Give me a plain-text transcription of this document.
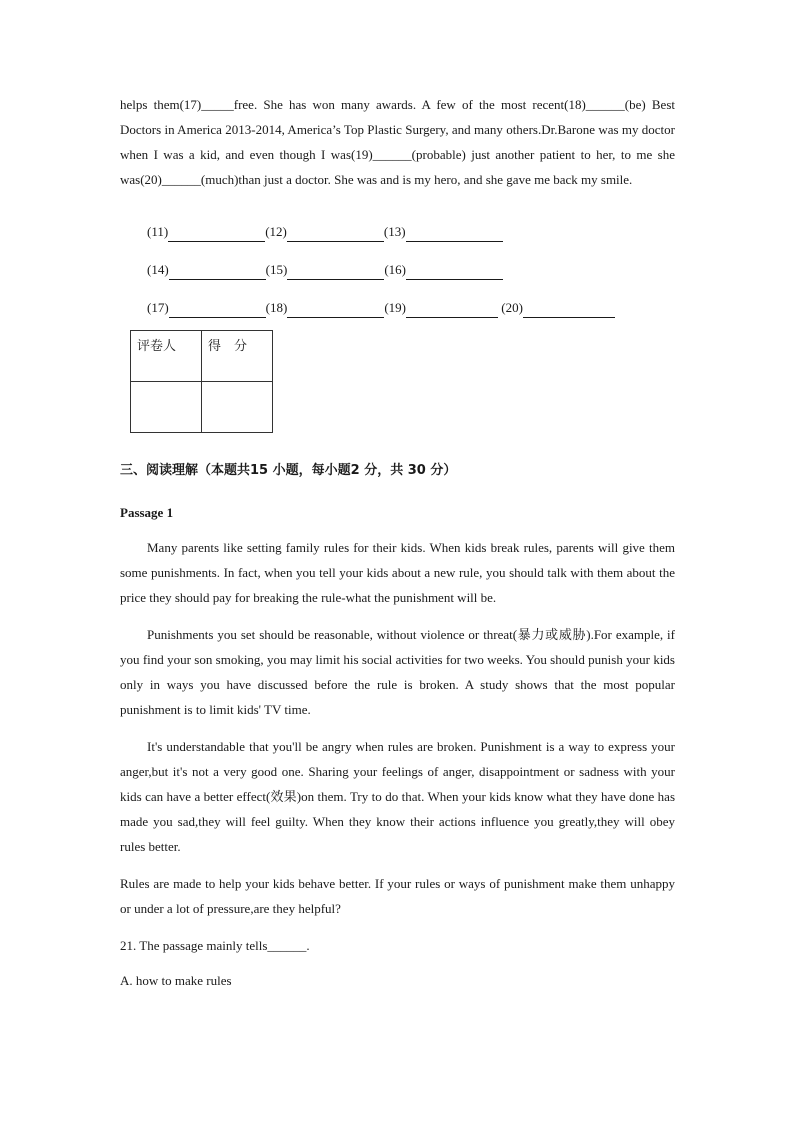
helps them(17)_____free. She has won many awards. A few of the most recent(18)______(be) Best Doctors in America 2013-2014, America’s Top Plastic Surgery, and many others.Dr.Barone was my doctor when I was a kid, and even though I was(19)______(probable) just another patient to her, to me she was(20)______(much)than just a doctor. She was and is my hero, and she gave me back my smile.

(11)	(12)	(13)
(14)	(15)	(16)
(17)	(18)	(19)	(20)
评卷人	得　分

三、阅读理解（本题共15 小题，每小题2 分，共 30 分）
Passage 1

Many parents like setting family rules for their kids. When kids break rules, parents will give them some punishments. In fact, when you tell your kids about a new rule, you should talk with them about the price they should pay for breaking the rule-what the punishment will be.

Punishments you set should be reasonable, without violence or threat(暴力或威胁).For example, if you find your son smoking, you may limit his social activities for two weeks. You should punish your kids only in ways you have discussed before the rule is broken. A study shows that the most popular punishment is to limit kids' TV time.

It's understandable that you'll be angry when rules are broken. Punishment is a way to express your anger,but it's not a very good one. Sharing your feelings of anger, disappointment or sadness with your kids can have a better effect(效果)on them. Try to do that. When your kids know what they have done has made you sad,they will feel guilty. When they know their actions influence you greatly,they will obey rules better.

Rules are made to help your kids behave better. If your rules or ways of punishment make them unhappy or under a lot of pressure,are they helpful?

21. The passage mainly tells______.
A. how to make rules
